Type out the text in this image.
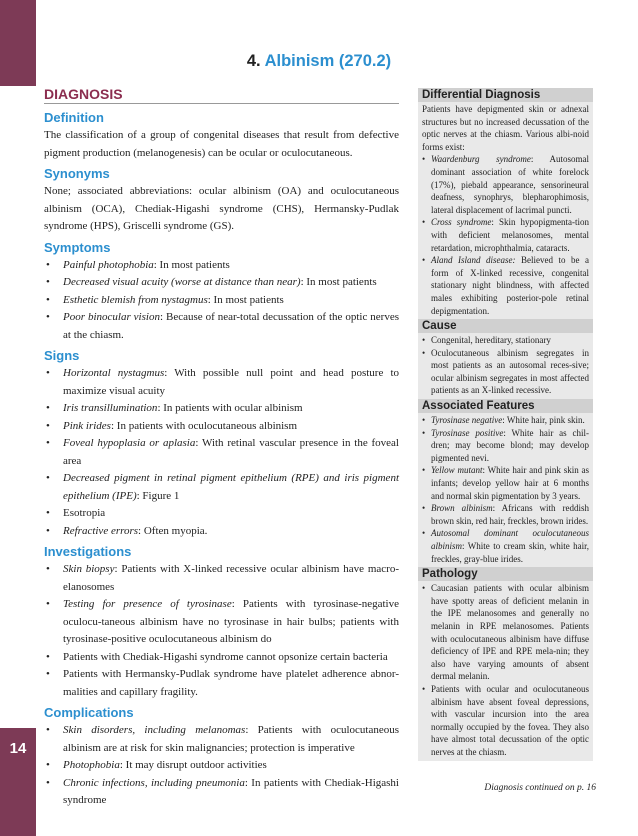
14
4. Albinism (270.2)
DIAGNOSIS
Definition

The classification of a group of congenital diseases that result from defective pigment production (melanogenesis) can be ocular or oculocutaneous.

Synonyms

None; associated abbreviations: ocular albinism (OA) and oculocutaneous albinism (OCA), Chediak-Higashi syndrome (CHS), Hermansky-Pudlak syndrome (HPS), Griscelli syndrome (GS).

Symptoms
• Painful photophobia: In most patients
• Decreased visual acuity (worse at distance than near): In most patients
• Esthetic blemish from nystagmus: In most patients
• Poor binocular vision: Because of near-total decussation of the optic nerves at the chiasm.
Signs
• Horizontal nystagmus: With possible null point and head posture to maximize visual acuity
• Iris transillumination: In patients with ocular albinism
• Pink irides: In patients with oculocutaneous albinism
• Foveal hypoplasia or aplasia: With retinal vascular presence in the foveal area
• Decreased pigment in retinal pigment epithelium (RPE) and iris pigment epithelium (IPE): Figure 1
• Esotropia
• Refractive errors: Often myopia.
Investigations
• Skin biopsy: Patients with X-linked recessive ocular albinism have macro-elanosomes
• Testing for presence of tyrosinase: Patients with tyrosinase-negative oculocu-taneous albinism have no tyrosinase in hair bulbs; patients with tyrosinase-positive oculocutaneous albinism do
• Patients with Chediak-Higashi syndrome cannot opsonize certain bacteria
• Patients with Hermansky-Pudlak syndrome have platelet adherence abnor-malities and capillary fragility.
Complications
• Skin disorders, including melanomas: Patients with oculocutaneous albinism are at risk for skin malignancies; protection is imperative
• Photophobia: It may disrupt outdoor activities
• Chronic infections, including pneumonia: In patients with Chediak-Higashi syndrome
Differential Diagnosis

Patients have depigmented skin or adnexal structures but no increased decussation of the optic nerves at the chiasm. Various albi-noid forms exist:

• Waardenburg syndrome: Autosomal dominant association of white forelock (17%), piebald appearance, sensorineural deafness, synophrys, blepharophimosis, lateral displacement of lacrimal puncti.
• Cross syndrome: Skin hypopigmenta-tion with deficient melanosomes, mental retardation, microphthalmia, cataracts.
• Aland Island disease: Believed to be a form of X-linked recessive, congenital stationary night blindness, with affected males exhibiting posterior-pole retinal depigmentation.
Cause
• Congenital, hereditary, stationary
• Oculocutaneous albinism segregates in most patients as an autosomal reces-sive; ocular albinism segregates in most affected patients as an X-linked recessive.
Associated Features
• Tyrosinase negative: White hair, pink skin.
• Tyrosinase positive: White hair as chil-dren; may become blond; may develop pigmented nevi.
• Yellow mutant: White hair and pink skin as infants; develop yellow hair at 6 months and normal skin pigmentation by 3 years.
• Brown albinism: Africans with reddish brown skin, red hair, freckles, brown irides.
• Autosomal dominant oculocutaneous albinism: White to cream skin, white hair, freckles, gray-blue irides.
Pathology
• Caucasian patients with ocular albinism have spotty areas of deficient melanin in the IPE melanosomes and generally no melanin in RPE melanosomes. Patients with oculocutaneous albinism have diffuse deficiency of IPE and RPE mela-nin; they also have varying amounts of absent dermal melanin.
• Patients with ocular and oculocutaneous albinism have absent foveal depressions, with vascular incursion into the area normally occupied by the fovea. They also have almost total decussation of the optic nerves at the chiasm.
Diagnosis continued on p. 16
